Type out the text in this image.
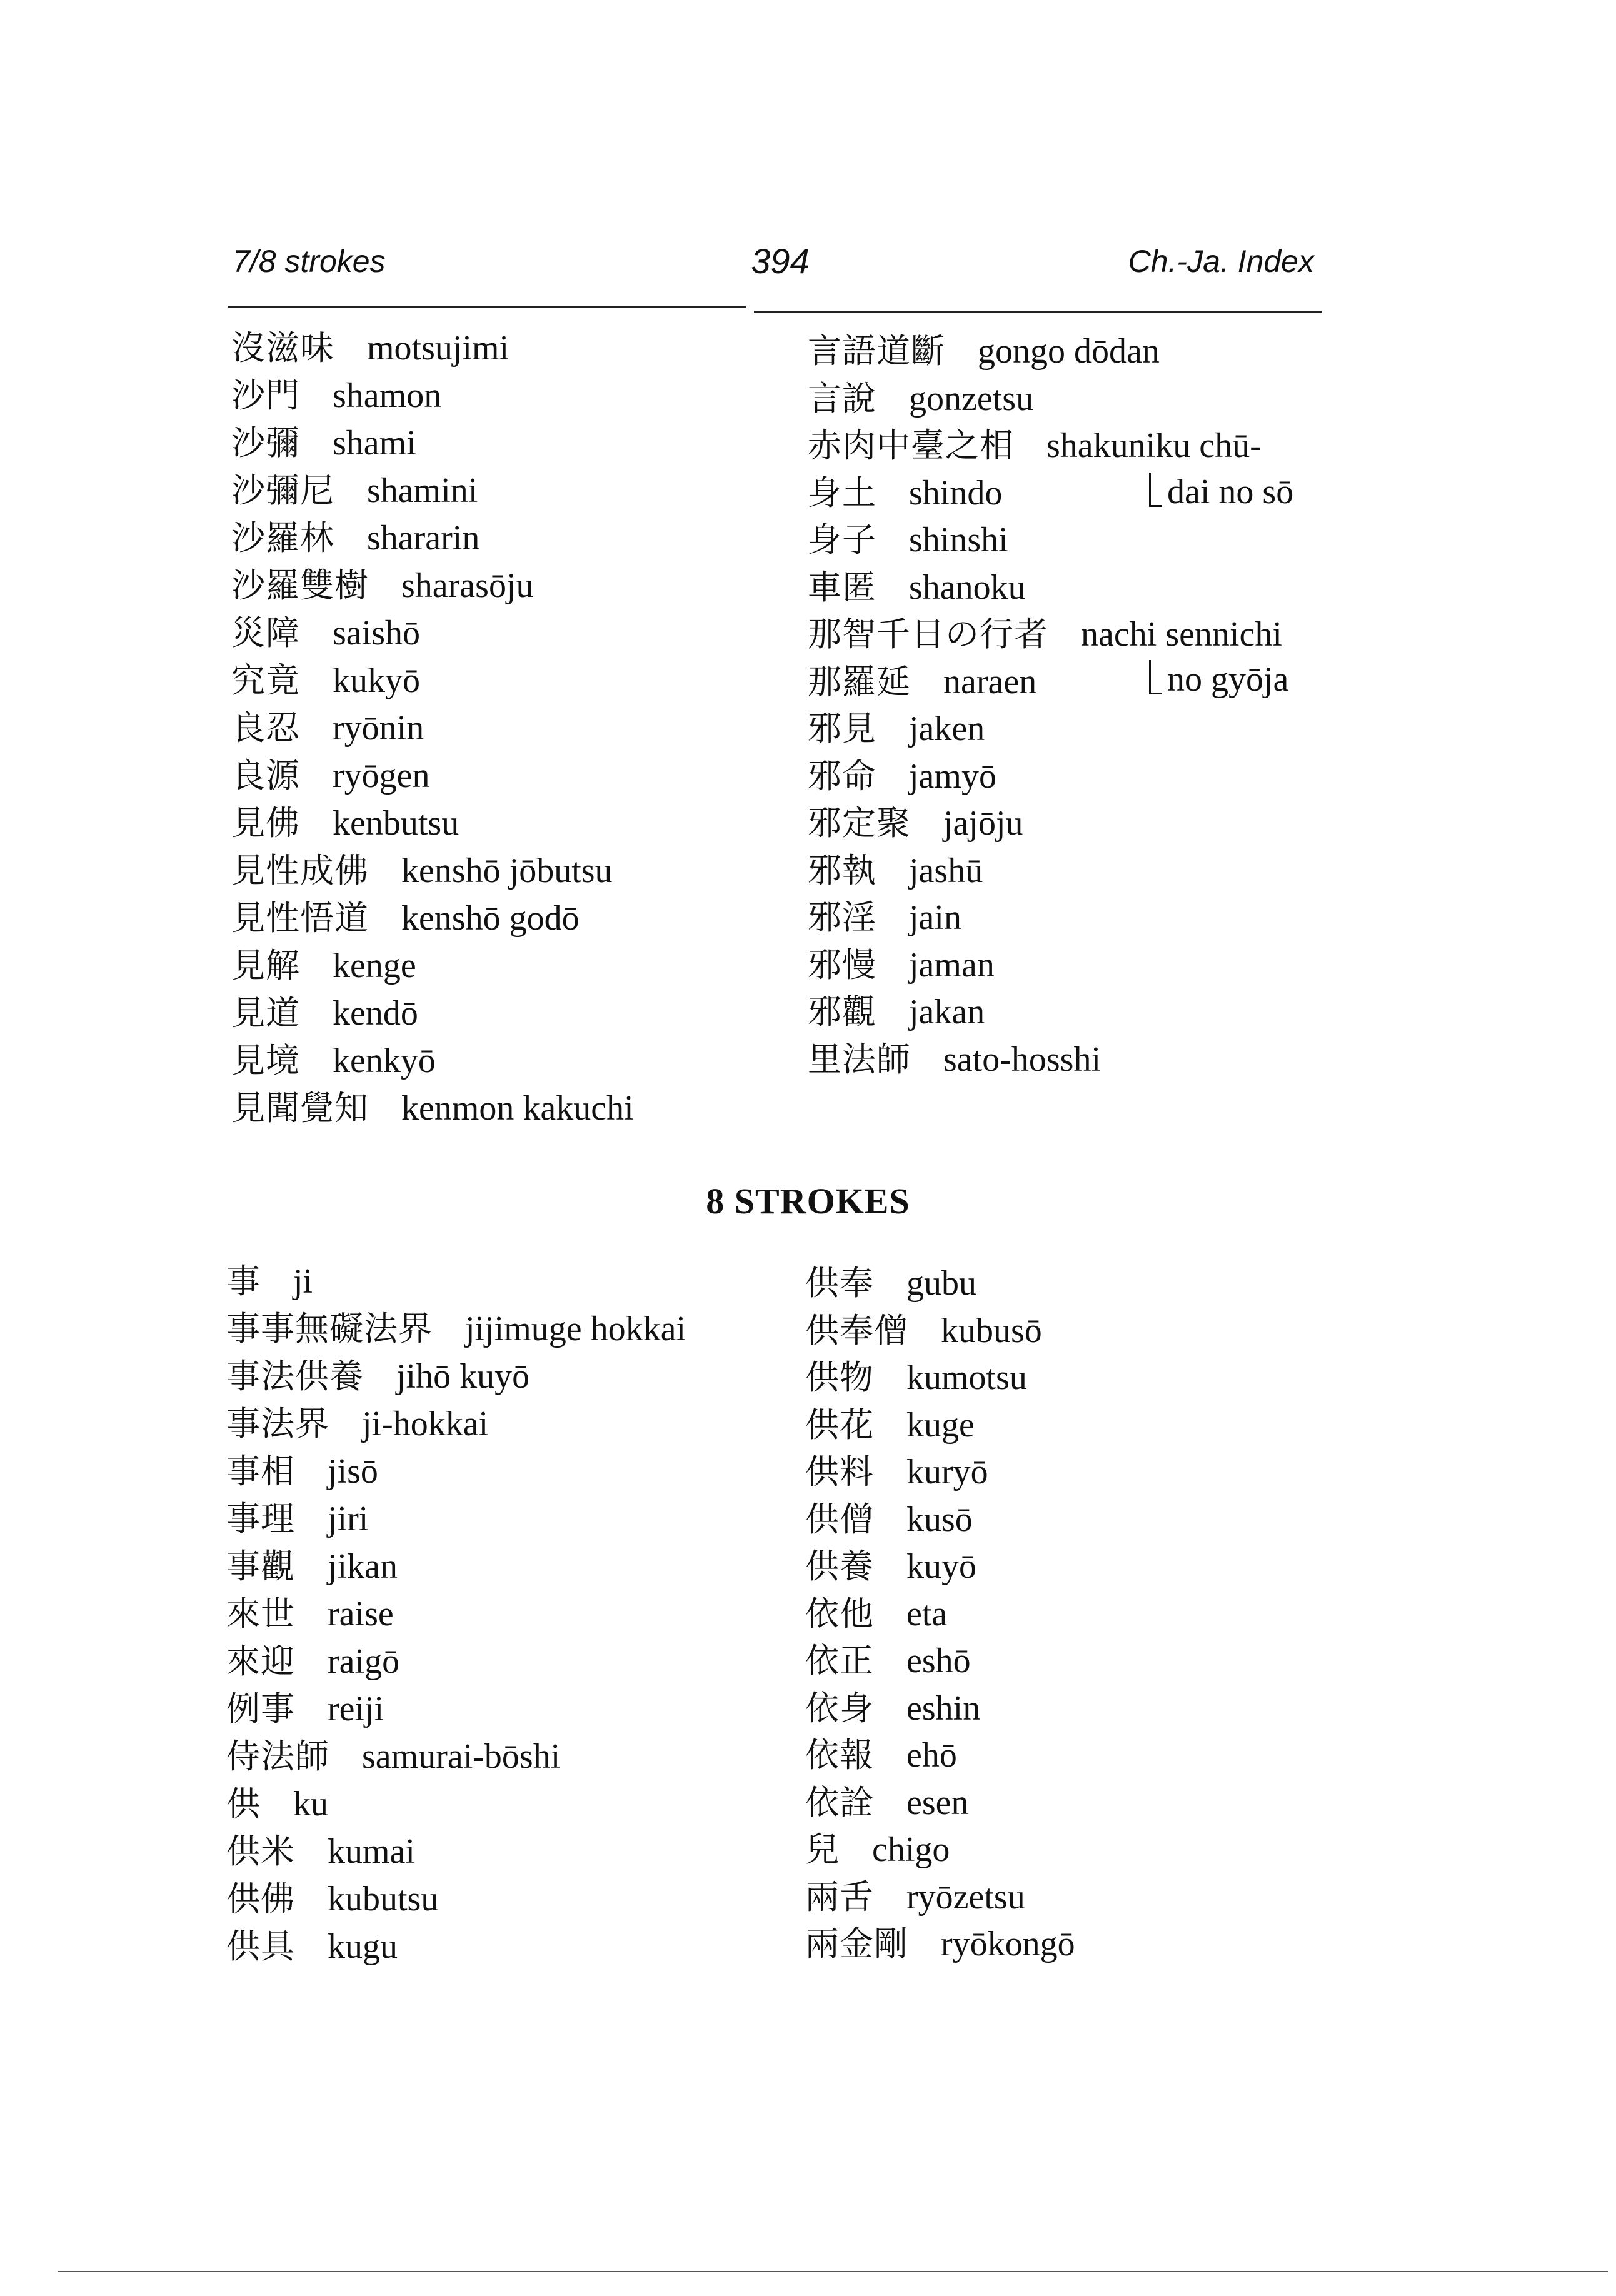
7/8 strokes	394	Ch.-Ja. Index
沒滋味 motsujimi
沙門 shamon
沙彌 shami
沙彌尼 shamini
沙羅林 shararin
沙羅雙樹 sharasōju
災障 saishō
究竟 kukyō
良忍 ryōnin
良源 ryōgen
見佛 kenbutsu
見性成佛 kenshō jōbutsu
見性悟道 kenshō godō
見解 kenge
見道 kendō
見境 kenkyō
見聞覺知 kenmon kakuchi
言語道斷 gongo dōdan
言說 gonzetsu
赤肉中臺之相 shakuniku chū-
身土 shindo
身子 shinshi
車匿 shanoku
那智千日の行者 nachi sennichi
那羅延 naraen
邪見 jaken
邪命 jamyō
邪定聚 jajōju
邪執 jashū
邪淫 jain
邪慢 jaman
邪觀 jakan
里法師 sato-hosshi
dai no sō
no gyōja
8 STROKES
事 ji
事事無礙法界 jijimuge hokkai
事法供養 jihō kuyō
事法界 ji-hokkai
事相 jisō
事理 jiri
事觀 jikan
來世 raise
來迎 raigō
例事 reiji
侍法師 samurai-bōshi
供 ku
供米 kumai
供佛 kubutsu
供具 kugu
供奉 gubu
供奉僧 kubusō
供物 kumotsu
供花 kuge
供料 kuryō
供僧 kusō
供養 kuyō
依他 eta
依正 eshō
依身 eshin
依報 ehō
依詮 esen
兒 chigo
兩舌 ryōzetsu
兩金剛 ryōkongō
